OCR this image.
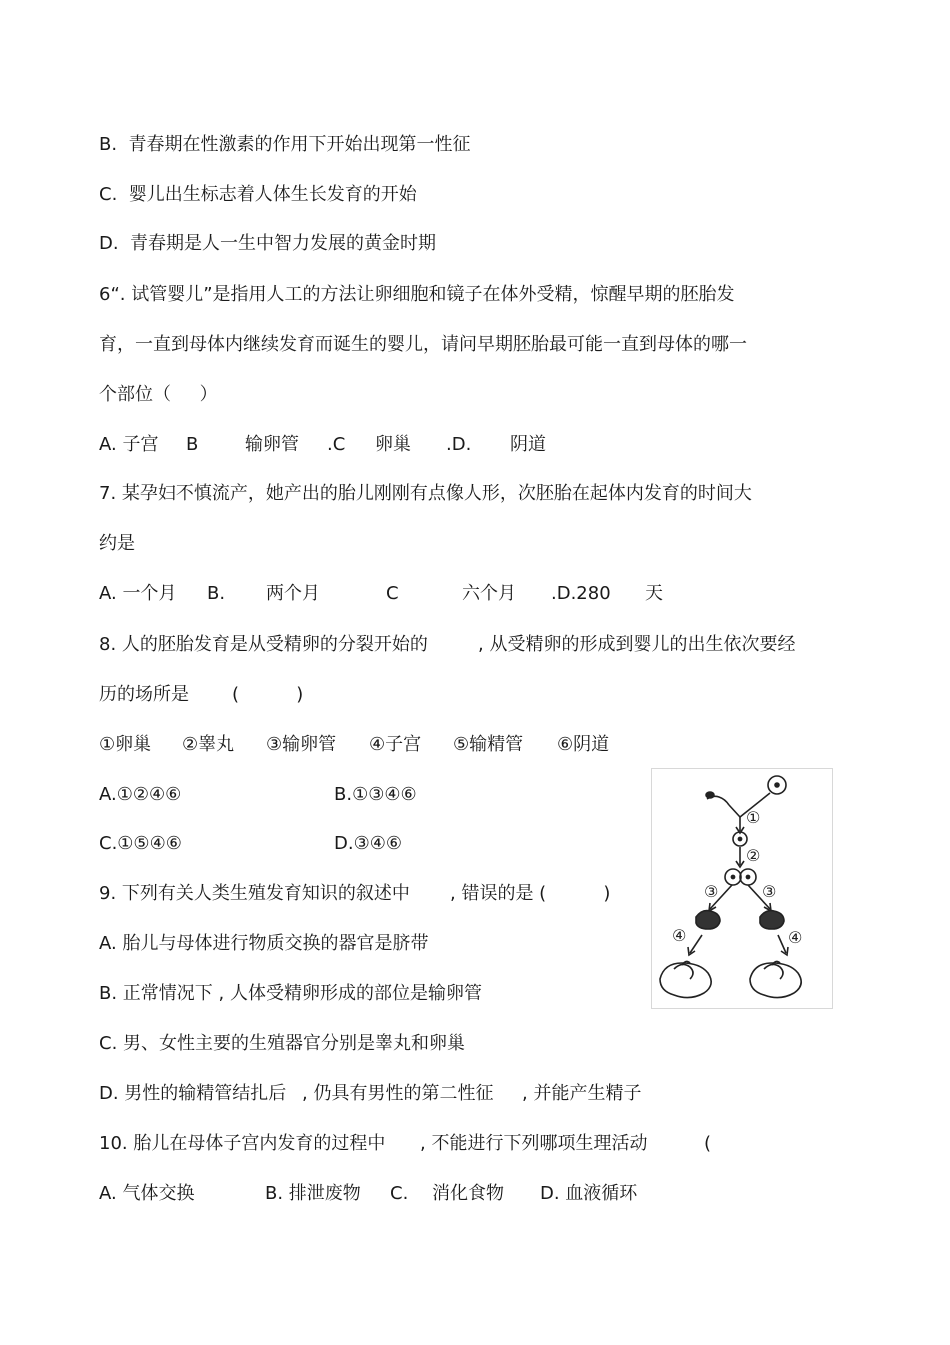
B.  青春期在性激素的作用下开始出现第一性征
C.  婴儿出生标志着人体生长发育的开始
D.  青春期是人一生中智力发展的黄金时期
6“. 试管婴儿”是指用人工的方法让卵细胞和镜子在体外受精，惊醒早期的胚胎发
育，一直到母体内继续发育而诞生的婴儿，请问早期胚胎最可能一直到母体的哪一
个部位（     ）
A. 子宫 B	输卵管 .C 卵巢 .D. 阴道
7. 某孕妇不慎流产，她产出的胎儿刚刚有点像人形，次胚胎在起体内发育的时间大
约是
A. 一个月 B. 两个月	C	六个月 .D.280 天
8. 人的胚胎发育是从受精卵的分裂开始的	, 从受精卵的形成到婴儿的出生依次要经
历的场所是 (          )
①卵巢 ②睾丸 ③输卵管 ④子宫 ⑤输精管 ⑥阴道
A.①②④⑥	B.①③④⑥
C.①⑤④⑥	D.③④⑥
①
②
③	③
④	④
9. 下列有关人类生殖发育知识的叙述中 , 错误的是 (          )
A. 胎儿与母体进行物质交换的器官是脐带
B. 正常情况下 , 人体受精卵形成的部位是输卵管
C. 男、女性主要的生殖器官分别是睾丸和卵巢
D. 男性的输精管结扎后 , 仍具有男性的第二性征 , 并能产生精子
10. 胎儿在母体子宫内发育的过程中 , 不能进行下列哪项生理活动	(
A. 气体交换	B. 排泄废物 C. 消化食物 D. 血液循环
